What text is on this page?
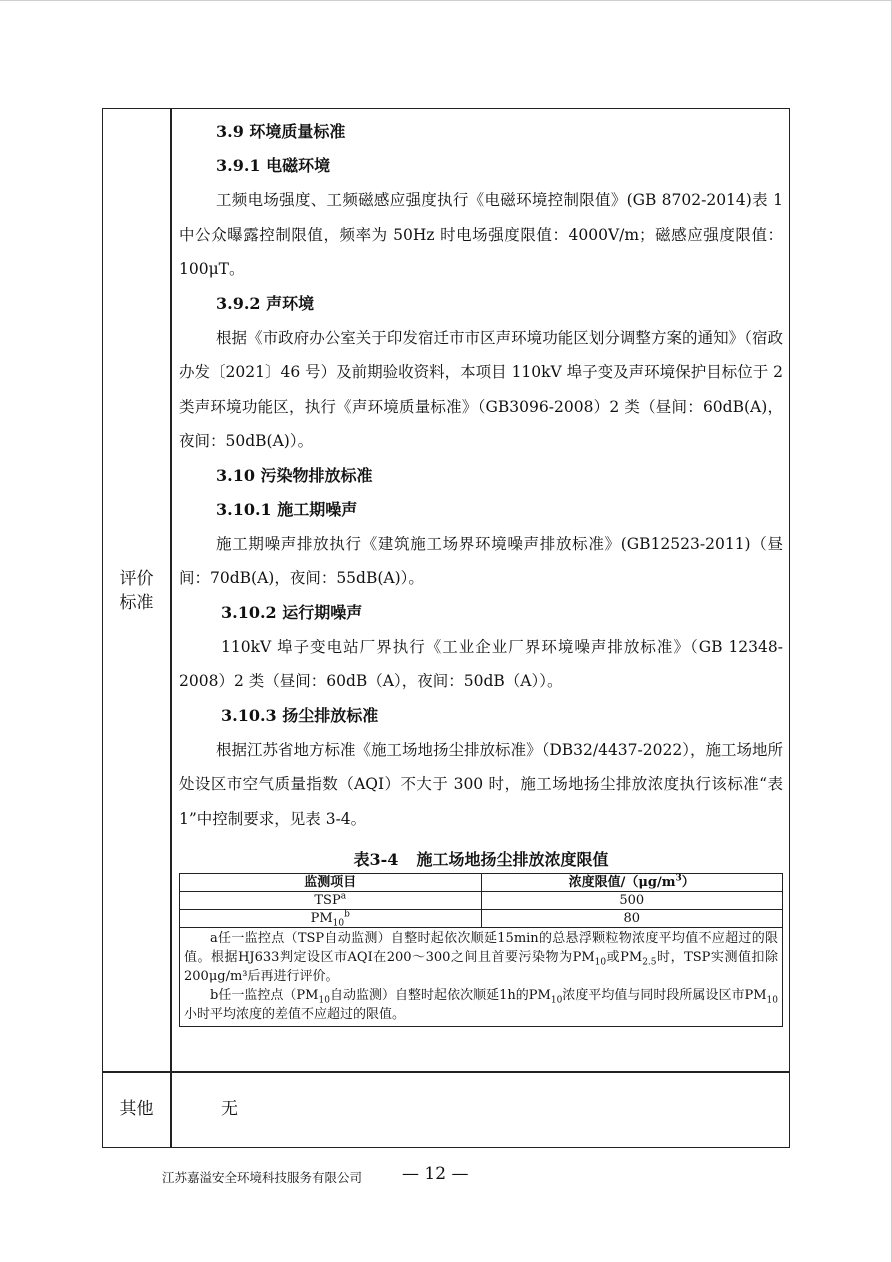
评价
标准
其他	无
3.9 环境质量标准
3.9.1 电磁环境
工频电场强度、工频磁感应强度执行《电磁环境控制限值》(GB 8702-2014)表 1 中公众曝露控制限值，频率为 50Hz 时电场强度限值：4000V/m；磁感应强度限值：100μT。
3.9.2 声环境
根据《市政府办公室关于印发宿迁市市区声环境功能区划分调整方案的通知》（宿政办发〔2021〕46 号）及前期验收资料，本项目 110kV 埠子变及声环境保护目标位于 2 类声环境功能区，执行《声环境质量标准》（GB3096-2008）2 类（昼间：60dB(A)，夜间：50dB(A)）。
3.10 污染物排放标准
3.10.1 施工期噪声
施工期噪声排放执行《建筑施工场界环境噪声排放标准》(GB12523-2011)（昼间：70dB(A)，夜间：55dB(A)）。
3.10.2 运行期噪声
110kV 埠子变电站厂界执行《工业企业厂界环境噪声排放标准》（GB 12348-2008）2 类（昼间：60dB（A），夜间：50dB（A））。
3.10.3 扬尘排放标准
根据江苏省地方标准《施工场地扬尘排放标准》（DB32/4437-2022），施工场地所处设区市空气质量指数（AQI）不大于 300 时，施工场地扬尘排放浓度执行该标准“表 1”中控制要求，见表 3-4。
表3-4 施工场地扬尘排放浓度限值
监测项目	浓度限值$/(\mu g/m^3)$
TSP$^a$	500
$PM_{10}^b$	80

a任一监控点（TSP自动监测）自整时起依次顺延15min的总悬浮颗粒物浓度平均值不应超过的限值。根据HJ633判定设区市AQI在200～300之间且首要污染物为$PM_{10}$或$PM_{2.5}$时，TSP实测值扣除200μg/m³后再进行评价。

b任一监控点（$PM_{10}$自动监测）自整时起依次顺延1h的$PM_{10}$浓度平均值与同时段所属设区市$PM_{10}$小时平均浓度的差值不应超过的限值。	

江苏嘉溢安全环境科技服务有限公司 — 12 —
